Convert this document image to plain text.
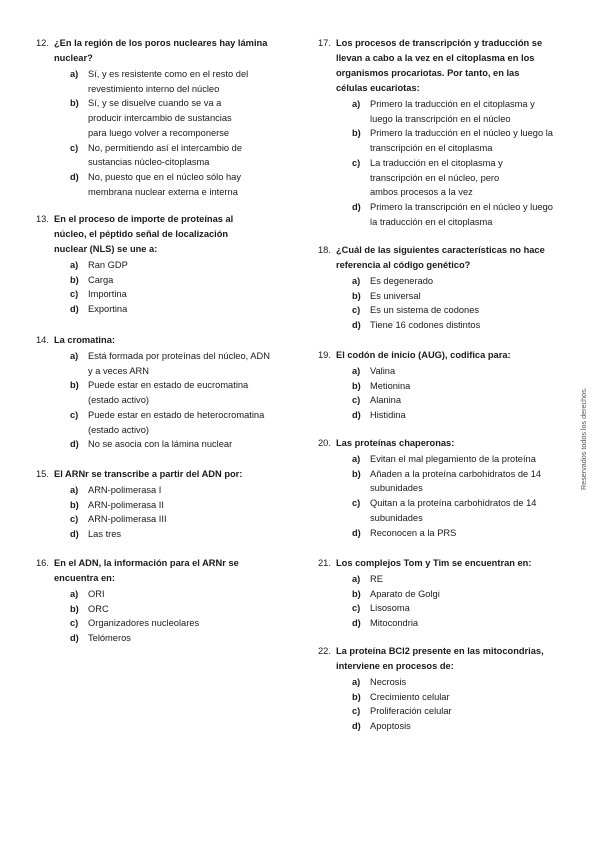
12. ¿En la región de los poros nucleares hay lámina
nuclear?
a)	Sí, y es resistente como en el resto del
revestimiento interno del núcleo
b) Sí, y se disuelve cuando se va a
producir intercambio de sustancias
para luego volver a recomponerse
c)	No, permitiendo así el intercambio de
sustancias núcleo-citoplasma
d) No, puesto que en el núcleo sólo hay
membrana nuclear externa e interna
13. En el proceso de importe de proteínas al
núcleo, el péptido señal de localización
nuclear (NLS) se une a:
a)	Ran GDP
b) Carga
c)	Importina
d) Exportina
14. La cromatina:
a)	Está formada por proteínas del núcleo, ADN
y a veces ARN
b) Puede estar en estado de eucromatina
(estado activo)
c)	Puede estar en estado de heterocromatina
(estado activo)
d) No se asocia con la lámina nuclear
15. El ARNr se transcribe a partir del ADN por:
a)	ARN-polimerasa I
b) ARN-polimerasa II
c)	ARN-polimerasa III
d) Las tres
16. En el ADN, la información para el ARNr se
encuentra en:
a)	ORI
b) ORC
c)	Organizadores nucleolares
d) Telómeros
17. Los procesos de transcripción y traducción se
llevan a cabo a la vez en el citoplasma en los
organismos procariotas. Por tanto, en las
células eucariotas:
a)	Primero la traducción en el citoplasma y
luego la transcripción en el núcleo
b) Primero la traducción en el núcleo y luego la
transcripción en el citoplasma
c)	La traducción en el citoplasma y
transcripción en el núcleo, pero
ambos procesos a la vez
d) Primero la transcripción en el núcleo y luego
la traducción en el citoplasma
18. ¿Cuál de las siguientes características no hace
referencia al código genético?
a)	Es degenerado
b) Es universal
c)	Es un sistema de codones
d) Tiene 16 codones distintos
19. El codón de inicio (AUG), codifica para:
a)	Valina
b) Metionina
c)	Alanina
d) Histidina
20. Las proteínas chaperonas:
a)	Evitan el mal plegamiento de la proteína
b) Añaden a la proteína carbohidratos de 14
subunidades
c)	Quitan a la proteína carbohidratos de 14
subunidades
d) Reconocen a la PRS
21. Los complejos Tom y Tim se encuentran en:
a)	RE
b) Aparato de Golgi
c)	Lisosoma
d) Mitocondria
22. La proteína BCl2 presente en las mitocondrias,
interviene en procesos de:
a)	Necrosis
b) Crecimiento celular
c)	Proliferación celular
d) Apoptosis
Reservados todos los derechos.
